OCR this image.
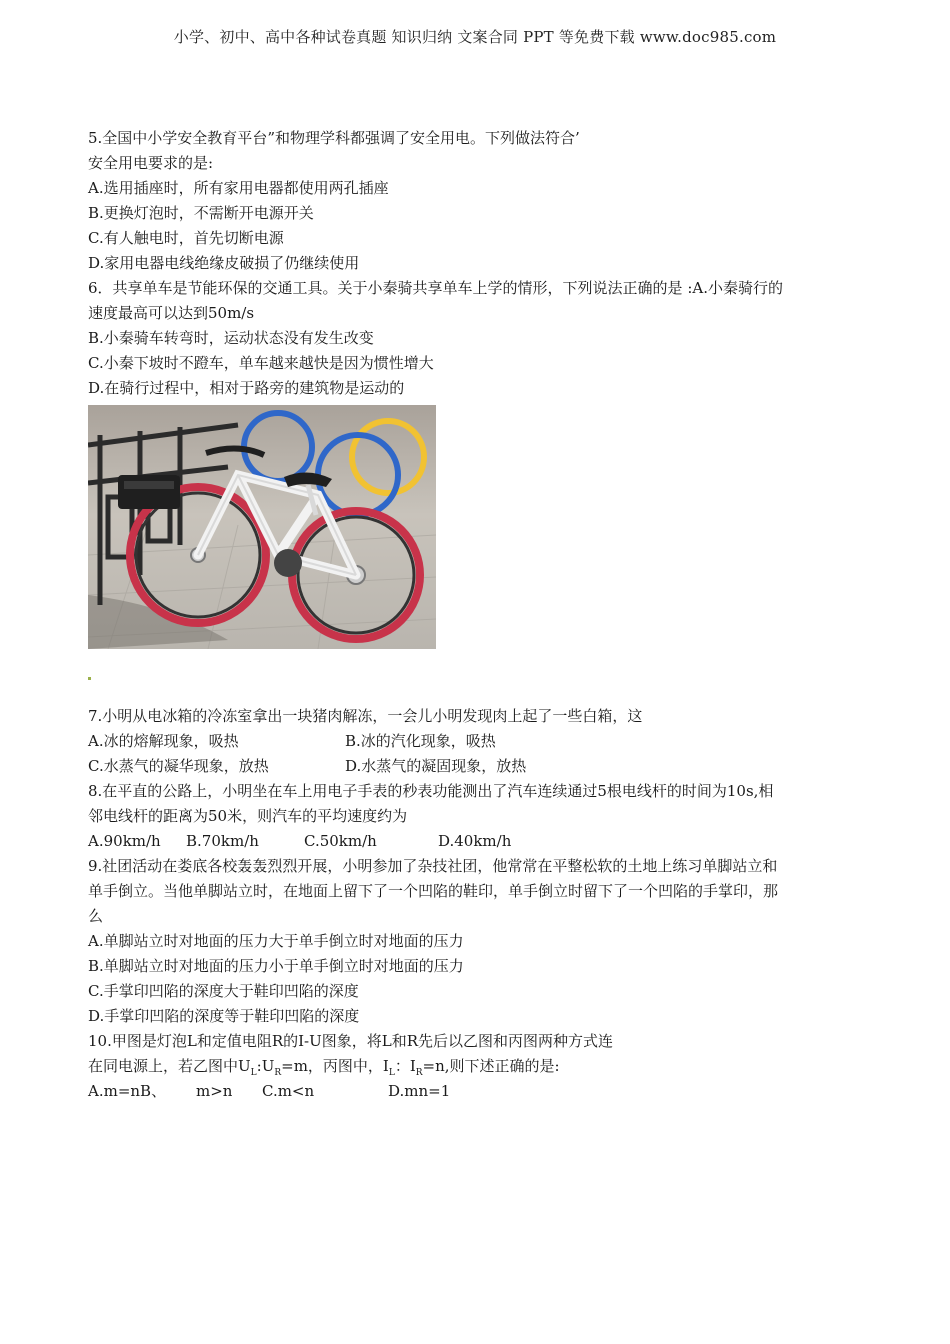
小学、初中、高中各种试卷真题 知识归纳 文案合同 PPT 等免费下载 www.doc985.com
5.全国中小学安全教育平台”和物理学科都强调了安全用电。下列做法符合’
安全用电要求的是:
A.选用插座时，所有家用电器都使用两孔插座
B.更换灯泡时，不需断开电源开关
C.有人触电时，首先切断电源
D.家用电器电线绝缘皮破损了仍继续使用
6．共享单车是节能环保的交通工具。关于小秦骑共享单车上学的情形，下列说法正确的是 :A.小秦骑行的
速度最高可以达到50m/s
B.小秦骑车转弯时，运动状态没有发生改变
C.小秦下坡时不蹬车，单车越来越快是因为惯性增大
D.在骑行过程中，相对于路旁的建筑物是运动的
7.小明从电冰箱的冷冻室拿出一块猪肉解冻，一会儿小明发现肉上起了一些白箱，这
A.冰的熔解现象，吸热	B.冰的汽化现象，吸热
C.水蒸气的凝华现象，放热	D.水蒸气的凝固现象，放热
8.在平直的公路上，小明坐在车上用电子手表的秒表功能测出了汽车连续通过5根电线杆的时间为10s,相
邻电线杆的距离为50米，则汽车的平均速度约为
A.90km/h	B.70km/h	C.50km/h	D.40km/h
9.社团活动在娄底各校轰轰烈烈开展，小明参加了杂技社团，他常常在平整松软的土地上练习单脚站立和
单手倒立。当他单脚站立时，在地面上留下了一个凹陷的鞋印，单手倒立时留下了一个凹陷的手掌印，那
么
A.单脚站立时对地面的压力大于单手倒立时对地面的压力
B.单脚站立时对地面的压力小于单手倒立时对地面的压力
C.手掌印凹陷的深度大于鞋印凹陷的深度
D.手掌印凹陷的深度等于鞋印凹陷的深度
10.甲图是灯泡L和定值电阻R的I-U图象，将L和R先后以乙图和丙图两种方式连
在同电源上，若乙图中$U_L:U_R=m$，丙图中，$I_L$：$I_R=n$,则下述正确的是:
A.m=nB、	m>n	C.m<n	D.mn=1
